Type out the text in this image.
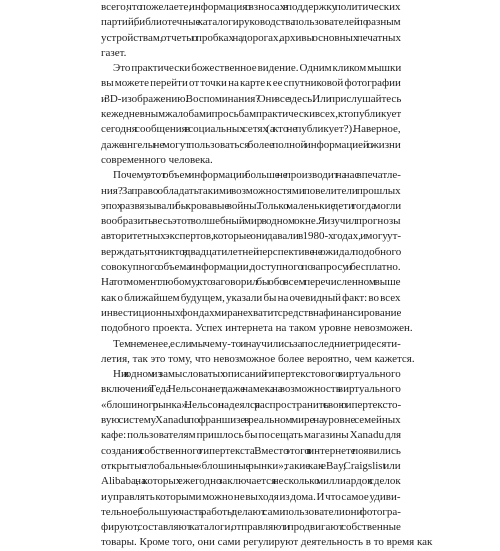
всего, что пожелаете, информация о взносах в поддержку политических
партий, библиотечные каталоги, руководства пользователей по разным
устройствам, отчеты о пробках на дорогах, архивы основных печатных
газет.
Это практически божественное видение. Одним кликом мышки
вы можете перейти от точки на карте к ее спутниковой фотографии
и 3D-изображению. Воспоминания? Они все здесь. Или прислушайтесь
к ежедневным жалобам и просьбам практически всех, кто публикует
сегодня сообщения в социальных сетях (а кто не публикует?). Наверное,
даже ангелы не могут пользоваться более полной информацией о жизни
современного человека.
Почему этот объем информации больше не производит на нас впечатле-
ния? За право обладать такими возможностями повелители прошлых
эпох развязывали бы кровавые войны. Только маленькие дети тогда могли
вообразить весь этот волшебный мир в одном окне. Я изучил прогнозы
авторитетных экспертов, которые они давали в 1980-х годах, и могу ут-
верждать, что никто в двадцатилетней перспективе не ожидал подобного
совокупного объема информации, доступного по запросу и бесплатно.
На тот момент любому, кто заговорил бы обо всем перечисленном выше
как о ближайшем будущем, указали бы на очевидный факт: во всех
инвестиционных фондах мира не хватит средств на финансирование
подобного проекта. Успех интернета на таком уровне невозможен.
Тем не менее, если мы чему-то и научились за последние три десяти-
летия, так это тому, что невозможное более вероятно, чем кажется.
Ни в одном из замысловатых описаний гипертекстового виртуального
включения Теда Нельсона нет даже намека на возможность виртуального
«блошиного рынка». Нельсон надеялся распространить свою гипертексто-
вую систему Xanadu по франшизе в реальном мире на уровне семейных
кафе: пользователям пришлось бы посещать магазины Xanadu для
создания собственного гипертекста. Вместо этого в интернете появились
открытые глобальные «блошиные рынки», такие как eBay, Craigslist или
Alibaba, на которых ежегодно заключается несколько миллиардов сделок
и управлять которыми можно не выходя из дома. И что самое удиви-
тельное, большую часть работы делают сами пользователи: они фотогра-
фируют, составляют каталоги, отправляют и продвигают собственные
товары. Кроме того, они сами регулируют деятельность в то время как
